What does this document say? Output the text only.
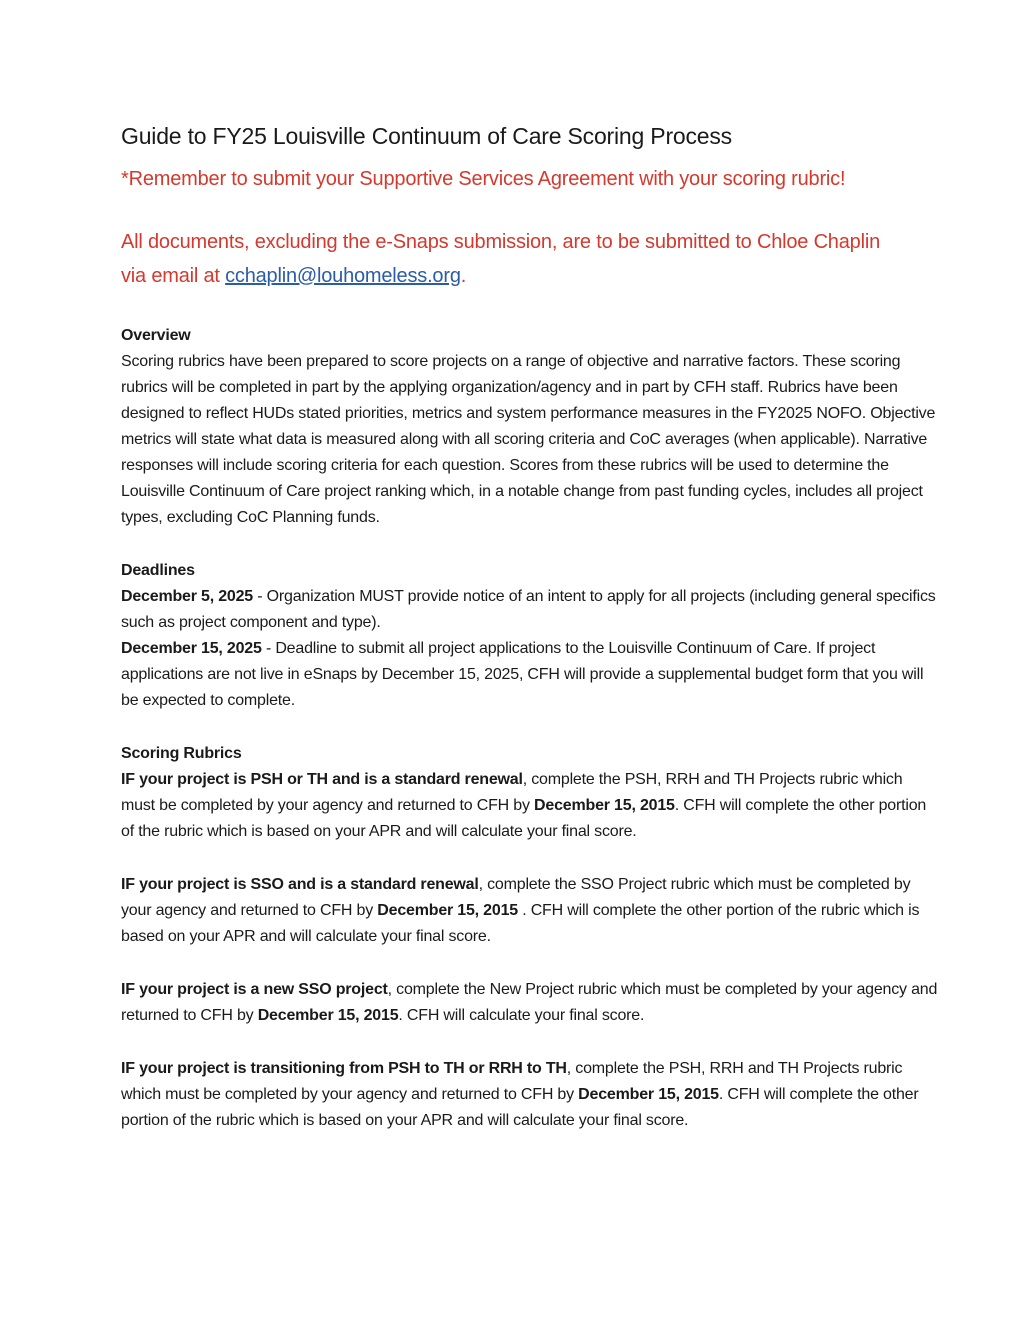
Guide to FY25 Louisville Continuum of Care Scoring Process

*Remember to submit your Supportive Services Agreement with your scoring rubric!

All documents, excluding the e-Snaps submission, are to be submitted to Chloe Chaplin via email at cchaplin@louhomeless.org.

Overview

Scoring rubrics have been prepared to score projects on a range of objective and narrative factors. These scoring rubrics will be completed in part by the applying organization/agency and in part by CFH staff. Rubrics have been designed to reflect HUDs stated priorities, metrics and system performance measures in the FY2025 NOFO. Objective metrics will state what data is measured along with all scoring criteria and CoC averages (when applicable). Narrative responses will include scoring criteria for each question. Scores from these rubrics will be used to determine the Louisville Continuum of Care project ranking which, in a notable change from past funding cycles, includes all project types, excluding CoC Planning funds.

Deadlines

December 5, 2025 - Organization MUST provide notice of an intent to apply for all projects (including general specifics such as project component and type).

December 15, 2025 - Deadline to submit all project applications to the Louisville Continuum of Care. If project applications are not live in eSnaps by December 15, 2025, CFH will provide a supplemental budget form that you will be expected to complete.

Scoring Rubrics

IF your project is PSH or TH and is a standard renewal, complete the PSH, RRH and TH Projects rubric which must be completed by your agency and returned to CFH by December 15, 2015. CFH will complete the other portion of the rubric which is based on your APR and will calculate your final score.

IF your project is SSO and is a standard renewal, complete the SSO Project rubric which must be completed by your agency and returned to CFH by December 15, 2015 . CFH will complete the other portion of the rubric which is based on your APR and will calculate your final score.

IF your project is a new SSO project, complete the New Project rubric which must be completed by your agency and returned to CFH by December 15, 2015. CFH will calculate your final score.

IF your project is transitioning from PSH to TH or RRH to TH, complete the PSH, RRH and TH Projects rubric which must be completed by your agency and returned to CFH by December 15, 2015. CFH will complete the other portion of the rubric which is based on your APR and will calculate your final score.
